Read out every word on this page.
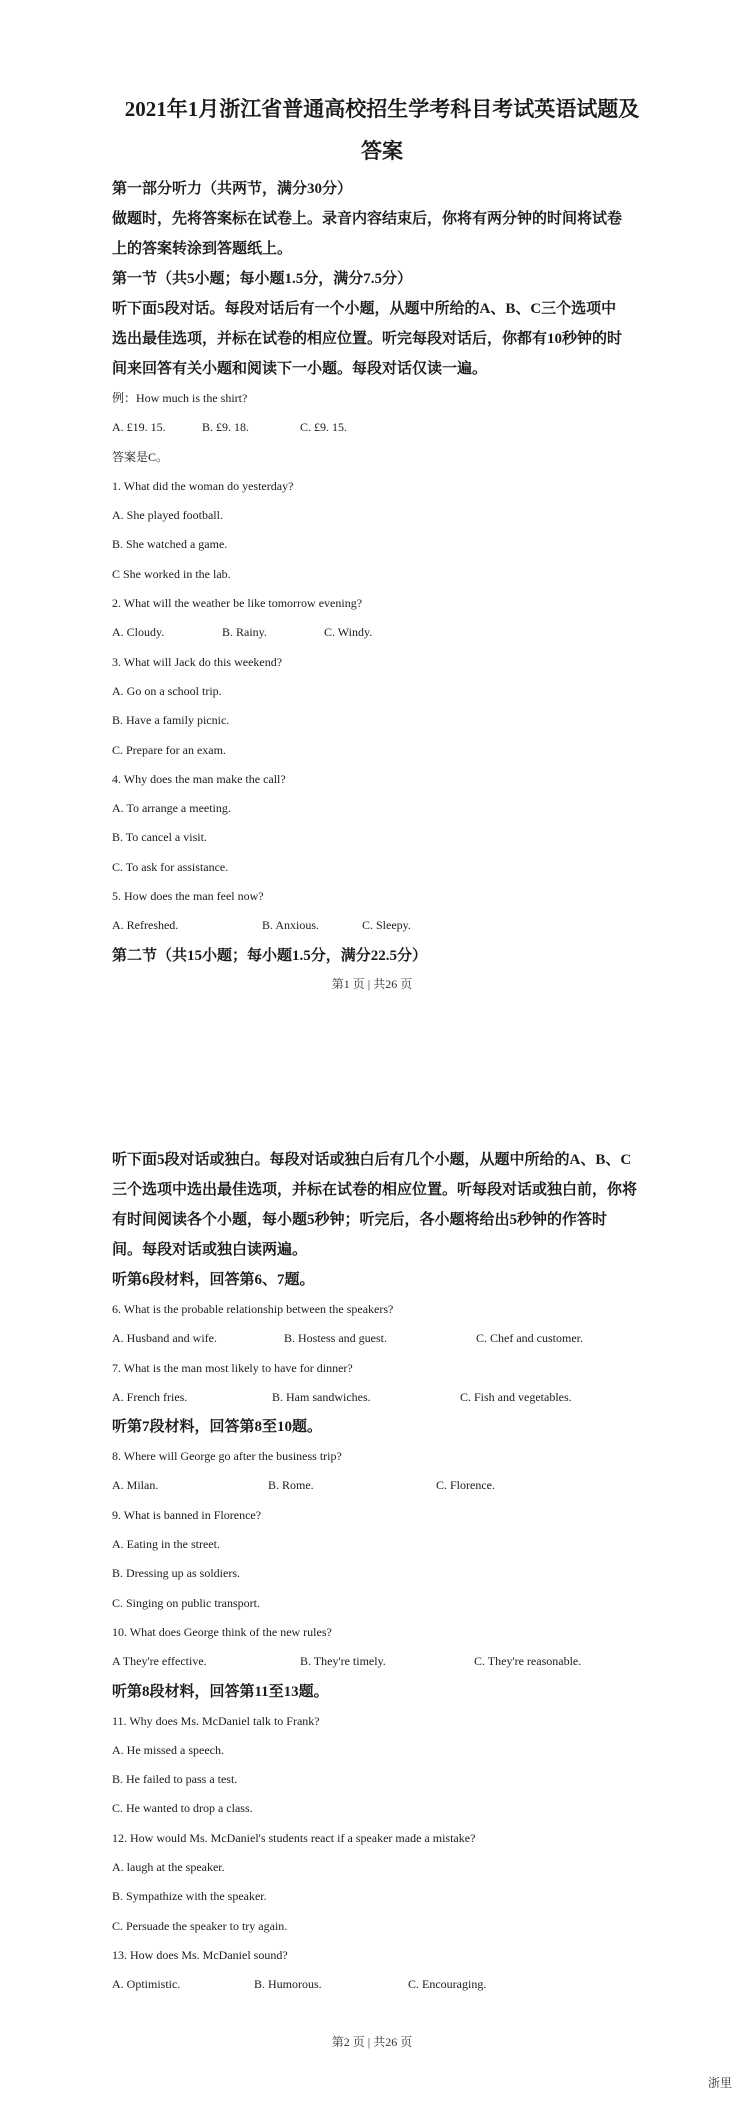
2021年1月浙江省普通高校招生学考科目考试英语试题及
答案
第一部分听力（共两节，满分30分）
做题时，先将答案标在试卷上。录音内容结束后，你将有两分钟的时间将试卷
上的答案转涂到答题纸上。
第一节（共5小题；每小题1.5分，满分7.5分）
听下面5段对话。每段对话后有一个小题，从题中所给的A、B、C三个选项中
选出最佳选项，并标在试卷的相应位置。听完每段对话后，你都有10秒钟的时
间来回答有关小题和阅读下一小题。每段对话仅读一遍。
例：How much is the shirt?
A. £19. 15.	B. £9. 18.	C. £9. 15.
答案是C。
1. What did the woman do yesterday?
A. She played football.
B. She watched a game.
C She worked in the lab.
2. What will the weather be like tomorrow evening?
A. Cloudy.	B. Rainy.	C. Windy.
3. What will Jack do this weekend?
A. Go on a school trip.
B. Have a family picnic.
C. Prepare for an exam.
4. Why does the man make the call?
A. To arrange a meeting.
B. To cancel a visit.
C. To ask for assistance.
5. How does the man feel now?
A. Refreshed.	B. Anxious.	C. Sleepy.
第二节（共15小题；每小题1.5分，满分22.5分）
第1 页 | 共26 页
听下面5段对话或独白。每段对话或独白后有几个小题，从题中所给的A、B、C
三个选项中选出最佳选项，并标在试卷的相应位置。听每段对话或独白前，你将
有时间阅读各个小题，每小题5秒钟；听完后，各小题将给出5秒钟的作答时
间。每段对话或独白读两遍。
听第6段材料，回答第6、7题。
6. What is the probable relationship between the speakers?
A. Husband and wife.	B. Hostess and guest.	C. Chef and customer.
7. What is the man most likely to have for dinner?
A. French fries.	B. Ham sandwiches.	C. Fish and vegetables.
听第7段材料，回答第8至10题。
8. Where will George go after the business trip?
A. Milan.	B. Rome.	C. Florence.
9. What is banned in Florence?
A. Eating in the street.
B. Dressing up as soldiers.
C. Singing on public transport.
10. What does George think of the new rules?
A They're effective.	B. They're timely.	C. They're reasonable.
听第8段材料，回答第11至13题。
11. Why does Ms. McDaniel talk to Frank?
A. He missed a speech.
B. He failed to pass a test.
C. He wanted to drop a class.
12. How would Ms. McDaniel's students react if a speaker made a mistake?
A. laugh at the speaker.
B. Sympathize with the speaker.
C. Persuade the speaker to try again.
13. How does Ms. McDaniel sound?
A. Optimistic.	B. Humorous.	C. Encouraging.
第2 页 | 共26 页
浙里
